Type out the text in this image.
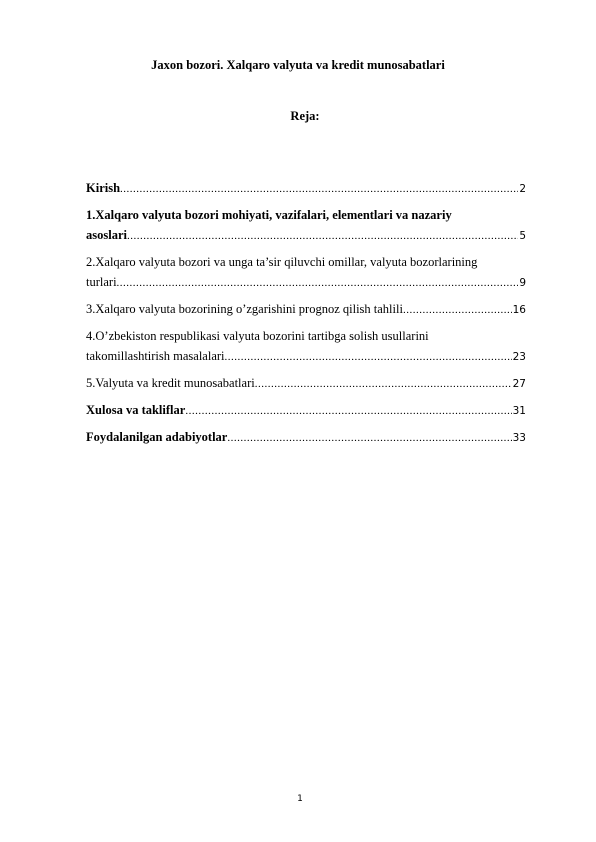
Jaxon bozori. Xalqaro valyuta va kredit munosabatlari
Reja:
Kirish .....	2
1.Xalqaro valyuta bozori mohiyati, vazifalari, elementlari va nazariy
asoslari .....	5
2.Xalqaro valyuta bozori va unga ta’sir qiluvchi omillar, valyuta bozorlarining
turlari .....	9
3.Xalqaro valyuta bozorining o’zgarishini prognoz qilish tahlili .....	16
4.O’zbekiston respublikasi valyuta bozorini tartibga solish usullarini
takomillashtirish masalalari .....	23
5.Valyuta va kredit munosabatlari .....	27
Xulosa va takliflar .....	31
Foydalanilgan adabiyotlar .....	33
1
